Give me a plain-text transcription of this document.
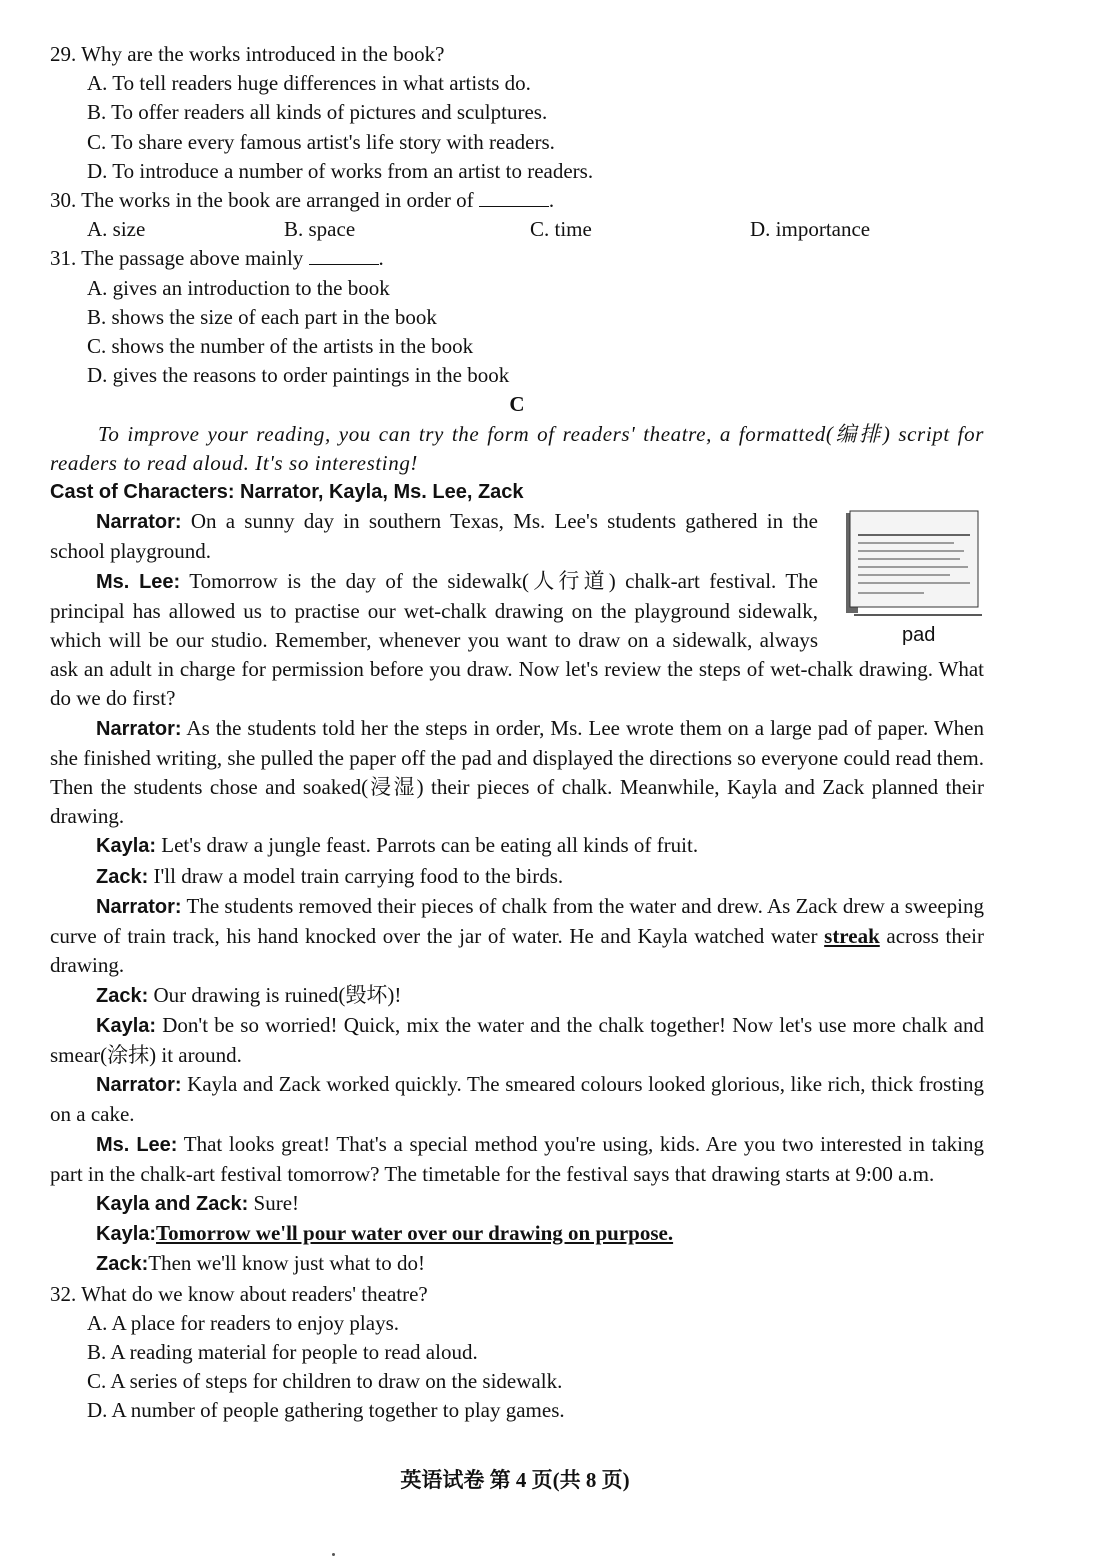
29. Why are the works introduced in the book?

A. To tell readers huge differences in what artists do.

B. To offer readers all kinds of pictures and sculptures.

C. To share every famous artist's life story with readers.

D. To introduce a number of works from an artist to readers.

30. The works in the book are arranged in order of	.

A. size	B. space	C. time	D. importance

31. The passage above mainly	.

A. gives an introduction to the book

B. shows the size of each part in the book

C. shows the number of the artists in the book

D. gives the reasons to order paintings in the book

C

To improve your reading, you can try the form of readers' theatre, a formatted(编排) script for readers to read aloud. It's so interesting!

Cast of Characters: Narrator, Kayla, Ms. Lee, Zack

pad

Narrator: On a sunny day in southern Texas, Ms. Lee's students gathered in the school playground.

Ms. Lee: Tomorrow is the day of the sidewalk(人行道) chalk-art festival. The principal has allowed us to practise our wet-chalk drawing on the playground sidewalk, which will be our studio. Remember, whenever you want to draw on a sidewalk, always ask an adult in charge for permission before you draw. Now let's review the steps of wet-chalk drawing. What do we do first?

Narrator: As the students told her the steps in order, Ms. Lee wrote them on a large pad of paper. When she finished writing, she pulled the paper off the pad and displayed the directions so everyone could read them. Then the students chose and soaked(浸湿) their pieces of chalk. Meanwhile, Kayla and Zack planned their drawing.

Kayla: Let's draw a jungle feast. Parrots can be eating all kinds of fruit.

Zack: I'll draw a model train carrying food to the birds.

Narrator: The students removed their pieces of chalk from the water and drew. As Zack drew a sweeping curve of train track, his hand knocked over the jar of water. He and Kayla watched water streak across their drawing.

Zack: Our drawing is ruined(毁坏)!

Kayla: Don't be so worried! Quick, mix the water and the chalk together! Now let's use more chalk and smear(涂抹) it around.

Narrator: Kayla and Zack worked quickly. The smeared colours looked glorious, like rich, thick frosting on a cake.

Ms. Lee: That looks great! That's a special method you're using, kids. Are you two interested in taking part in the chalk-art festival tomorrow? The timetable for the festival says that drawing starts at 9:00 a.m.

Kayla and Zack: Sure!

Kayla:Tomorrow we'll pour water over our drawing on purpose.

Zack:Then we'll know just what to do!

32. What do we know about readers' theatre?

A. A place for readers to enjoy plays.

B. A reading material for people to read aloud.

C. A series of steps for children to draw on the sidewalk.

D. A number of people gathering together to play games.

英语试卷 第 4 页(共 8 页)
